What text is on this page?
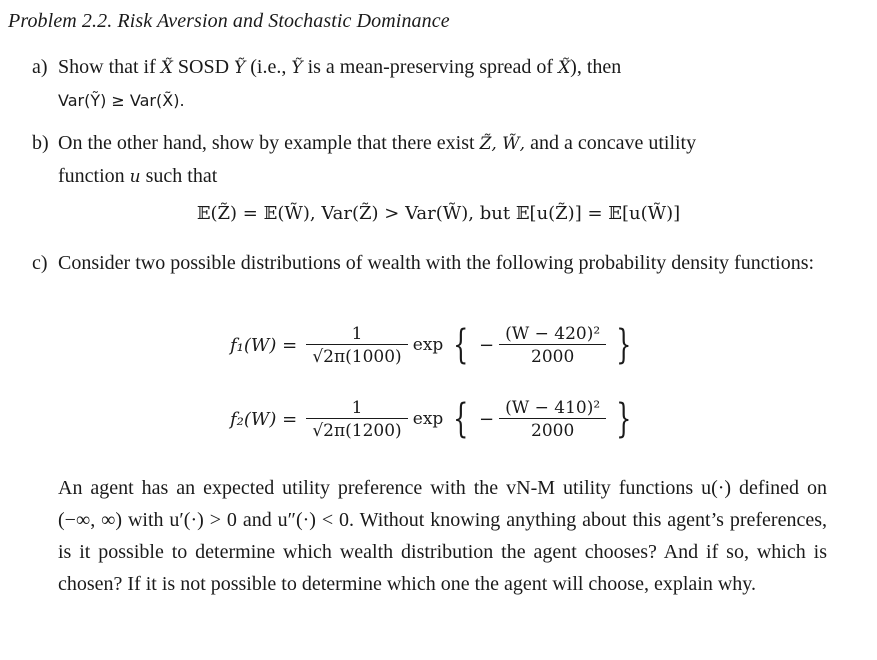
Problem 2.2. Risk Aversion and Stochastic Dominance
a) Show that if X̃ SOSD Ỹ (i.e., Ỹ is a mean-preserving spread of X̃), then
Var(Ỹ) ≥ Var(X̃).
b) On the other hand, show by example that there exist Z̃, W̃, and a concave utility
function u such that
𝔼(Z̃) = 𝔼(W̃), Var(Z̃) > Var(W̃), but 𝔼[u(Z̃)] = 𝔼[u(W̃)]
c) Consider two possible distributions of wealth with the following probability density functions:
$f_1(W) = \frac{1}{√2\pi(1000)}$ exp { − $\frac{\text{(W − 420)²}}{2000}$ }
$f_2(W) = \frac{1}{√2\pi(1200)}$ exp { − $\frac{\text{(W − 410)²}}{2000}$ }
An agent has an expected utility preference with the vN-M utility functions u(·) defined on (−∞, ∞) with u′(·) > 0 and u″(·) < 0. Without knowing anything about this agent’s preferences, is it possible to determine which wealth distribution the agent chooses? And if so, which is chosen? If it is not possible to determine which one the agent will choose, explain why.
